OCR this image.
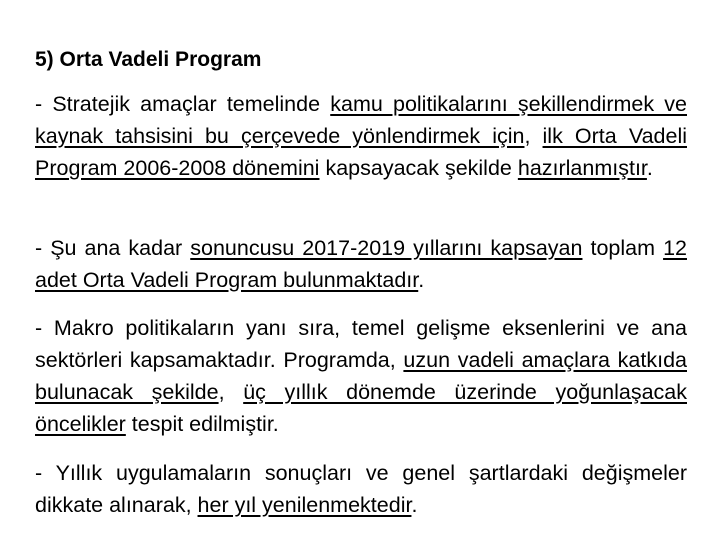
5) Orta Vadeli Program

- Stratejik amaçlar temelinde kamu politikalarını şekillendirmek ve kaynak tahsisini bu çerçevede yönlendirmek için, ilk Orta Vadeli Program 2006-2008 dönemini kapsayacak şekilde hazırlanmıştır.

- Şu ana kadar sonuncusu 2017-2019 yıllarını kapsayan toplam 12 adet Orta Vadeli Program bulunmaktadır.

- Makro politikaların yanı sıra, temel gelişme eksenlerini ve ana sektörleri kapsamaktadır. Programda, uzun vadeli amaçlara katkıda bulunacak şekilde, üç yıllık dönemde üzerinde yoğunlaşacak öncelikler tespit edilmiştir.

- Yıllık uygulamaların sonuçları ve genel şartlardaki değişmeler dikkate alınarak, her yıl yenilenmektedir.
